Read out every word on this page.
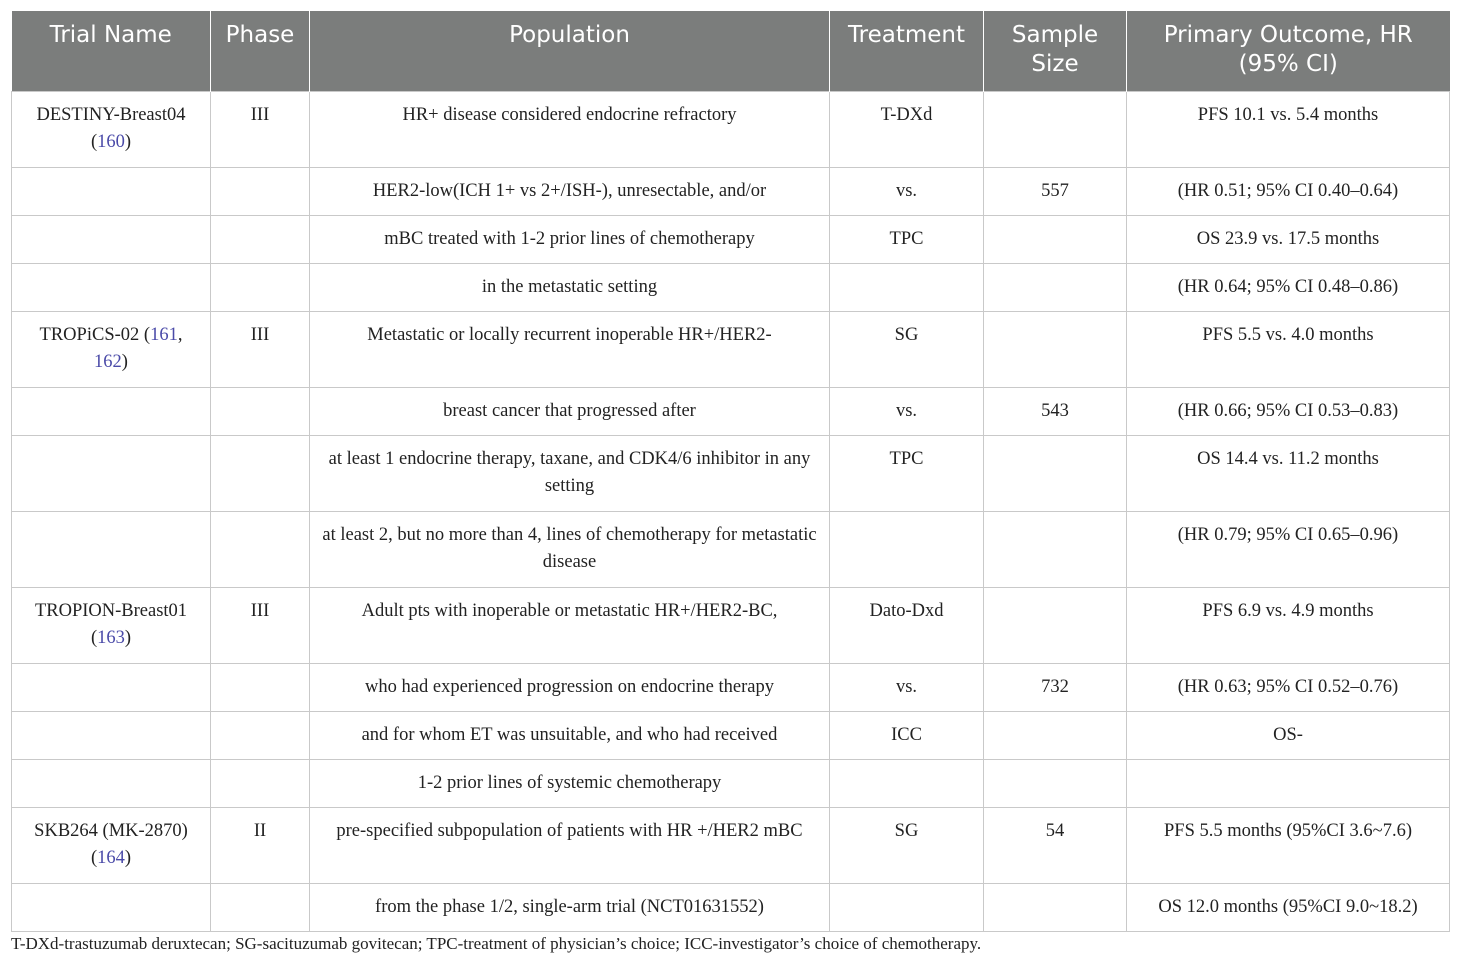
Trial Name	Phase	Population	Treatment	Sample Size	Primary Outcome, HR (95% CI)
DESTINY-Breast04 (160)	III	HR+ disease considered endocrine refractory	T-DXd		PFS 10.1 vs. 5.4 months
		HER2-low(ICH 1+ vs 2+/ISH-), unresectable, and/or	vs.	557	(HR 0.51; 95% CI 0.40–0.64)
		mBC treated with 1-2 prior lines of chemotherapy	TPC		OS 23.9 vs. 17.5 months
		in the metastatic setting			(HR 0.64; 95% CI 0.48–0.86)
TROPiCS-02 (161, 162)	III	Metastatic or locally recurrent inoperable HR+/HER2-	SG		PFS 5.5 vs. 4.0 months
		breast cancer that progressed after	vs.	543	(HR 0.66; 95% CI 0.53–0.83)
		at least 1 endocrine therapy, taxane, and CDK4/6 inhibitor in any setting	TPC		OS 14.4 vs. 11.2 months
		at least 2, but no more than 4, lines of chemotherapy for metastatic disease			(HR 0.79; 95% CI 0.65–0.96)
TROPION-Breast01 (163)	III	Adult pts with inoperable or metastatic HR+/HER2-BC,	Dato-Dxd		PFS 6.9 vs. 4.9 months
		who had experienced progression on endocrine therapy	vs.	732	(HR 0.63; 95% CI 0.52–0.76)
		and for whom ET was unsuitable, and who had received	ICC		OS-
		1-2 prior lines of systemic chemotherapy			
SKB264 (MK-2870) (164)	II	pre-specified subpopulation of patients with HR +/HER2 mBC	SG	54	PFS 5.5 months (95%CI 3.6~7.6)
		from the phase 1/2, single-arm trial (NCT01631552)			OS 12.0 months (95%CI 9.0~18.2)
T-DXd-trastuzumab deruxtecan; SG-sacituzumab govitecan; TPC-treatment of physician’s choice; ICC-investigator’s choice of chemotherapy.
